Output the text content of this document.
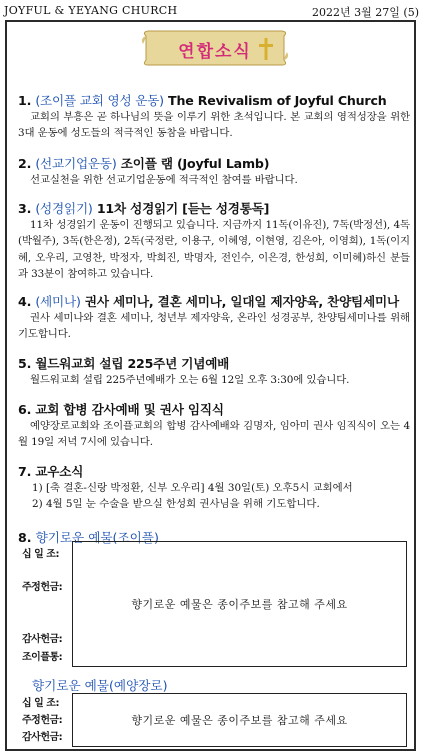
JOYFUL & YEYANG CHURCH	2022년 3월 27일 (5)
연합소식
1. (조이플 교회 영성 운동) The Revivalism of Joyful Church

교회의 부흥은 곧 하나님의 뜻을 이루기 위한 초석입니다. 본 교회의 영적성장을 위한 3대 운동에 성도들의 적극적인 동참을 바랍니다.

2. (선교기업운동) 조이플 램 (Joyful Lamb)

선교실천을 위한 선교기업운동에 적극적인 참여를 바랍니다.

3. (성경읽기) 11차 성경읽기 [듣는 성경통독]

11차 성경읽기 운동이 진행되고 있습니다. 지금까지 11독(이유진), 7독(박정선), 4독(박월주), 3독(한은정), 2독(국정란, 이용구, 이혜영, 이현영, 김은아, 이영희), 1독(이지혜, 오우리, 고영찬, 박정자, 박희진, 박명자, 전인수, 이은경, 한성희, 이미혜)하신 분들과 33분이 참여하고 있습니다.

4. (세미나) 권사 세미나, 결혼 세미나, 일대일 제자양육, 찬양팀세미나

권사 세미나와 결혼 세미나, 청년부 제자양육, 온라인 성경공부, 찬양팀세미나를 위해 기도합니다.

5. 월드워교회 설립 225주년 기념예배

월드워교회 설립 225주년예배가 오는 6월 12일 오후 3:30에 있습니다.

6. 교회 합병 감사예배 및 권사 임직식

예양장로교회와 조이플교회의 합병 감사예배와 김명자, 임아미 권사 임직식이 오는 4월 19일 저녁 7시에 있습니다.

7. 교우소식
1) [축 결혼-신랑 박정환, 신부 오우리] 4월 30일(토) 오후5시 교회에서
2) 4월 5일 눈 수술을 받으실 한성희 권사님을 위해 기도합니다.
8. 향기로운 예물(조이플)
십 일 조:
주정헌금:
감사헌금:
조이플통:
향기로운 예물은 종이주보를 참고해 주세요
향기로운 예물(예양장로)
십 일 조:
주정헌금:
감사헌금:
향기로운 예물은 종이주보를 참고해 주세요
